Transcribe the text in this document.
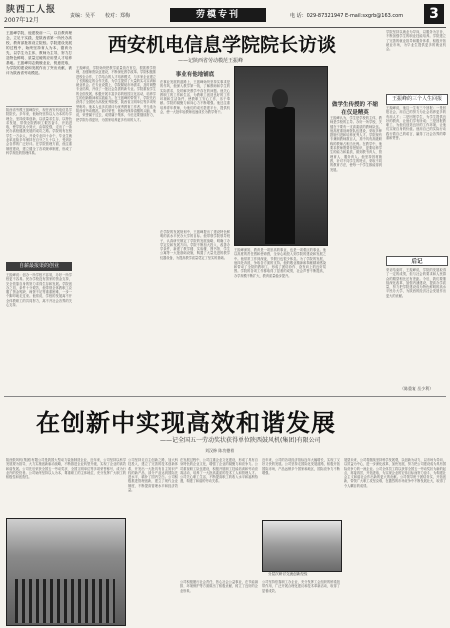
陕西工人报
2007年12月
责编：吴平 校对：郑梅	劳模专刊	电 话：029-87321947 E-mail:sxgrb@163.com	3
王振峰学院，他建校前一二，以自教育理念，立足于实践，是陕西省第一所民办高校，教育部批准设立院校。学院建设发展的过程中，始终坚持育人为本，德育为先，以学生为主体，教师为主导，努力打造特色鲜明、质量过硬的应用型人才培养基地。王振峰同志兢兢业业，锐意进取，为学院的建设和发展作出了突出贡献，被评为陕西省劳动模范。
西安机电信息学院院长访谈
——记陕西省劳动模范王振峰
陕西省劳模王振峰院长，现任西安机电信息学院院长。多年来，他始终坚持以人为本的办学理念，坚持改革创新，以质量求生存，以特色求发展，带领全院教职工艰苦奋斗，开拓进取，使学院从小到大、由弱变强，走出了一条民办高校健康发展的成功之路。学院现有在校学生一万余人，开设专业四十余个，毕业生就业率连续多年保持在百分之九十以上，受到社会各界的广泛好评。在学院管理方面，他注重制度建设，建立健全了各项规章制度，形成了科学规范的管理体系。
自薪最报渠的创业
王振峰说：创办一所学校不容易，办好一所学校更不容易。民办学校没有国家的资金支持，完全依靠自身的努力求得生存和发展。学院创办之初，条件十分艰苦，他带领全体教职工克服了资金短缺、师资不足等重重困难，一步一个脚印地走过来。他常说，学校的发展离不开全体教职工的共同努力，离不开社会各界的关心支持。
王振峰说，学院始终把教学质量放在首位，狠抓教学管理，加强师资队伍建设，不断深化教学改革。学院积极推进校企合作，工学结合的人才培养模式，与多家企业建立了长期稳定的合作关系，为学生提供了大量的实习实训和就业机会。在专业设置上，学院紧贴市场需求，及时调整专业结构，开设了一批社会急需的新专业。学院重视学生的全面发展，积极开展丰富多彩的校园文化活动，培养学生的创新精神和实践能力。在王振峰的带领下，学院先后获得了全国民办高校优秀院校、陕西省文明单位等多项荣誉称号。他本人也多次被评为优秀教育工作者，并当选为陕西省劳动模范。面对荣誉，他始终保持清醒的头脑，他说，荣誉属于过去，成绩属于集体，今后还要继续努力，把学院办得更好，为国家培养更多有用的人才。
事业有他地铺底
在事业发展的道路上，王振峰始终坚持实事求是的作风，他深入教学第一线，了解教师和学生的实际需求，及时解决教学中存在的问题。他关心教职工的工作和生活，为教职工创造良好的工作环境和生活条件，使教职工安心工作，乐于奉献。学院的凝聚力和向心力不断增强。他还注重培养青年教师，为他们的成长搭建平台，提供机会，使一大批年轻教师迅速成长为教学骨干。
在学院的发展规划中，王振峰提出了建设特色鲜明的高水平民办大学的目标。他带领学院领导班子，认真研究制定了学院的发展战略，明确了办学定位和发展方向。学院不断加大投入，改善办学条件，新建了教学楼、实验楼、图书馆、学生公寓等一大批基础设施，购置了大量先进的教学仪器设备，为提高教学质量奠定了坚实的基础。
王振峰深知，教育是一项崇高的事业，也是一项艰巨的事业。他以高度的责任感和使命感，全身心地投入到学院的建设和发展之中。他常常工作到深夜，节假日也很少休息。为了学院的发展，他四处奔波，争取各方面的支持。他的敬业精神和奉献精神感染和带动了全院的教职工，形成了团结协作、奋发向上的良好氛围。学院的各项工作都取得了显著的成绩，社会声誉不断提高，办学规模不断扩大，教育质量稳步提升。
做学生传授的 不缩在仅是精英
王振峰认为，学生是学校的主体，教师是学校的主导。办好一所学校，关键在于要有一支高素质的教师队伍。他高度重视师资队伍建设，采取多种措施引进和培养优秀人才。学院现有专兼职教师数百人，其中具有高级职称的教师占相当比例。在教学中，他要求教师既要传授知识，更要培养学生的能力和素质，做到教书育人、管理育人、服务育人。他坚持因材施教，针对不同学生的特点，采取不同的教育方法，使每一个学生都能得到发展。
学院坚持以就业为导向，以服务为宗旨，不断加强学生的职业技能培养。学院建立了完善的就业指导和服务体系，积极开拓就业市场，为毕业生提供更多的就业机会。
王振峰的三个人生回报
王振峰说，他这一生有三个回报：一是回报社会，用自己的努力为社会培养更多的有用人才；二是回报学生，为学生提供良好的教育，让他们学有所成；三是回报教职工，为他们创造良好的工作环境，让他们实现自身的价值。他用自己的实际行动践行着自己的诺言，赢得了社会各界的尊重和赞誉。
后记
采访结束时，王振峰说，学院的发展取得了一定的成绩，但与社会的要求和人民群众的期望相比还有差距。今后，我们要继续深化改革，加强内涵建设，提高办学质量，努力把学院建设成为特色鲜明的高水平民办大学，为陕西的经济社会发展作出更大的贡献。
（陈重复 岳少利）
在创新中实现高效和谐发展
——记全国五一劳动奖状获得单位陕西鼓风机(集团)有限公司
刘汉修 陈功德着
陕西鼓风机(集团)有限公司是我国大型动力装备制造企业，近年来，公司坚持以科学发展观为指导，大力实施创新驱动战略，不断推进企业转型升级，实现了企业的高效和谐发展。公司先后荣获全国五一劳动奖状、全国文明单位等多项荣誉称号，成为行业内的佼佼者。公司始终坚持以人为本，尊重职工的主体地位，充分发挥广大职工的积极性和创造性。
公司坚持走自主创新之路，加大科技投入，建立了完善的技术创新体系，开发出一大批具有自主知识产权的新产品，部分产品达到国际先进水平，填补了国内空白。公司积极推进管理创新，建立了现代企业制度，不断提高管理水平和经济效益。
在发展过程中，公司注重企业文化建设，形成了具有自身特色的企业文化，增强了企业的凝聚力和竞争力。公司重视职工队伍建设，积极开展职工技能培训和劳动竞赛活动，培养了一大批高素质的技术工人和管理人才。公司关心职工生活，不断提高职工的收入水平和福利待遇，构建了和谐的劳动关系。
公司积极履行社会责任，热心社会公益事业，在节能减排、环境保护等方面做出了积极贡献，树立了良好的企业形象。
近年来，公司的各项经济指标连年大幅增长，实现了又好又快的发展。公司坚持走国际化发展道路，积极开拓国际市场，产品远销多个国家和地区，国际竞争力不断增强。
分层次研讨交流创新经验
公司坚持依靠职工办企业，充分发挥工会组织的桥梁纽带作用，广泛开展合理化建议和技术革新活动，取得了显著成效。
展望未来，公司将继续坚持科学发展观，以创新为动力，以市场为导向，以效益为中心，进一步深化改革，加快发展，努力把公司建设成为具有国际竞争力的一流企业。公司全体员工将以获得全国五一劳动奖状为新的起点，再接再厉，开拓进取，为实现企业的宏伟目标而努力奋斗，为构建社会主义和谐社会作出新的更大的贡献。公司领导班子团结务实，开拓创新，带领广大职工攻坚克难，在激烈的市场竞争中不断发展壮大，取得了令人瞩目的成绩。
